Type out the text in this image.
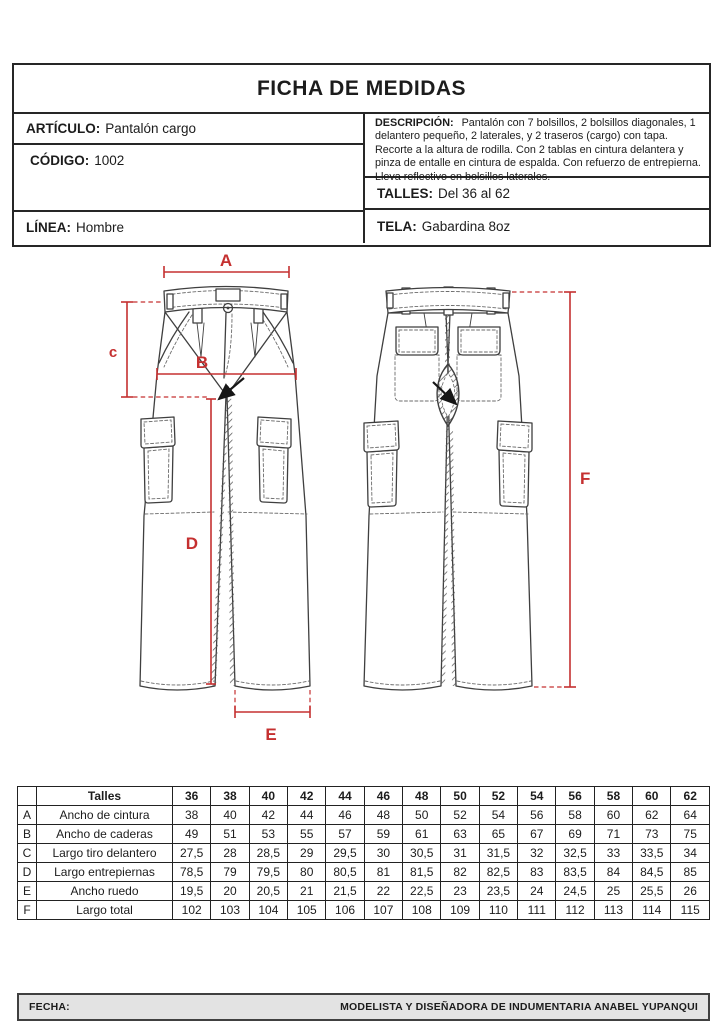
FICHA DE MEDIDAS
ARTÍCULO: Pantalón cargo
CÓDIGO: 1002
LÍNEA: Hombre
DESCRIPCIÓN: Pantalón con 7 bolsillos, 2 bolsillos diagonales, 1 delantero pequeño, 2 laterales, y 2 traseros (cargo) con tapa. Recorte a la altura de rodilla. Con 2 tablas en cintura delantera y pinza de entalle en cintura de espalda. Con refuerzo de entrepierna. Lleva reflectivo en bolsillos laterales.
TALLES: Del 36 al 62
TELA: Gabardina 8oz
A
c
B
D
E
F
	Talles	36	38	40	42	44	46	48	50	52	54	56	58	60	62
A	Ancho de cintura	38	40	42	44	46	48	50	52	54	56	58	60	62	64
B	Ancho de caderas	49	51	53	55	57	59	61	63	65	67	69	71	73	75
C	Largo tiro delantero	27,5	28	28,5	29	29,5	30	30,5	31	31,5	32	32,5	33	33,5	34
D	Largo entrepiernas	78,5	79	79,5	80	80,5	81	81,5	82	82,5	83	83,5	84	84,5	85
E	Ancho ruedo	19,5	20	20,5	21	21,5	22	22,5	23	23,5	24	24,5	25	25,5	26
F	Largo total	102	103	104	105	106	107	108	109	110	111	112	113	114	115
FECHA:	MODELISTA Y DISEÑADORA DE INDUMENTARIA ANABEL YUPANQUI
